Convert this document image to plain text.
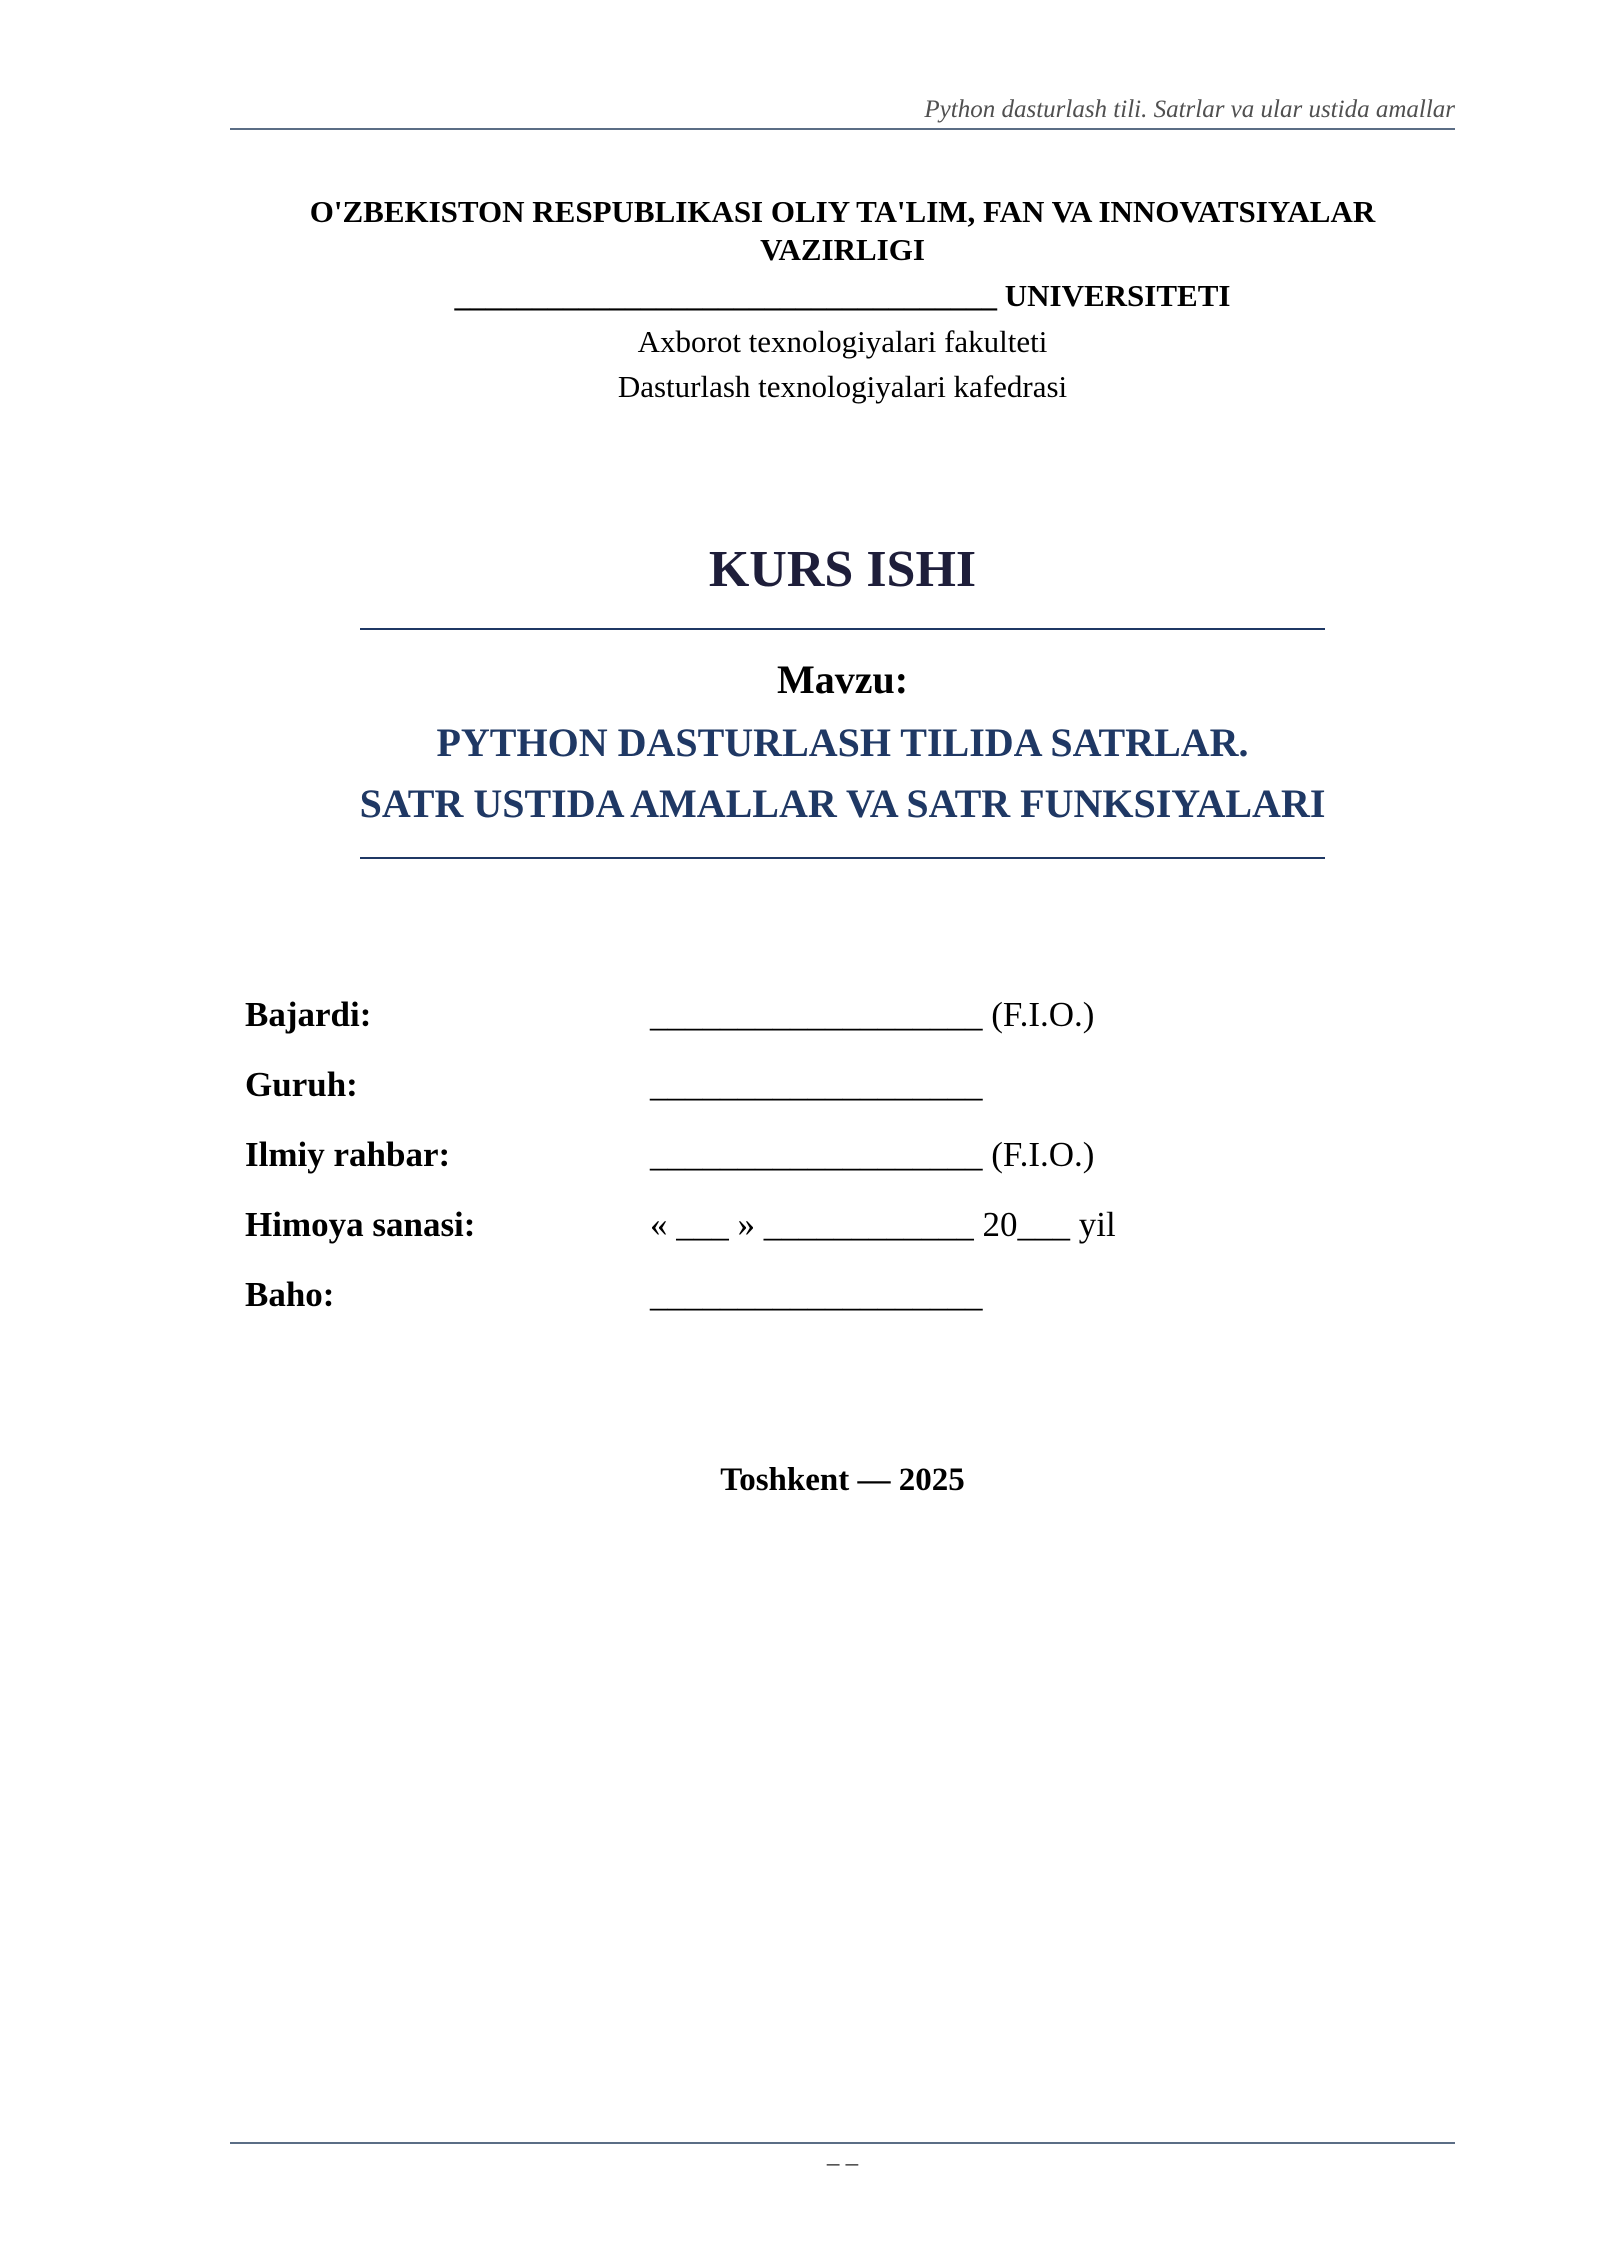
Python dasturlash tili. Satrlar va ular ustida amallar
O'ZBEKISTON RESPUBLIKASI OLIY TA'LIM, FAN VA INNOVATSIYALAR
VAZIRLIGI
___________________________________ UNIVERSITETI
Axborot texnologiyalari fakulteti
Dasturlash texnologiyalari kafedrasi
KURS ISHI
Mavzu:
PYTHON DASTURLASH TILIDA SATRLAR.
SATR USTIDA AMALLAR VA SATR FUNKSIYALARI
Bajardi:	___________________ (F.I.O.)
Guruh:	___________________
Ilmiy rahbar:	___________________ (F.I.O.)
Himoya sanasi:	« ___ » ____________ 20___ yil
Baho:	___________________
Toshkent — 2025
– –
